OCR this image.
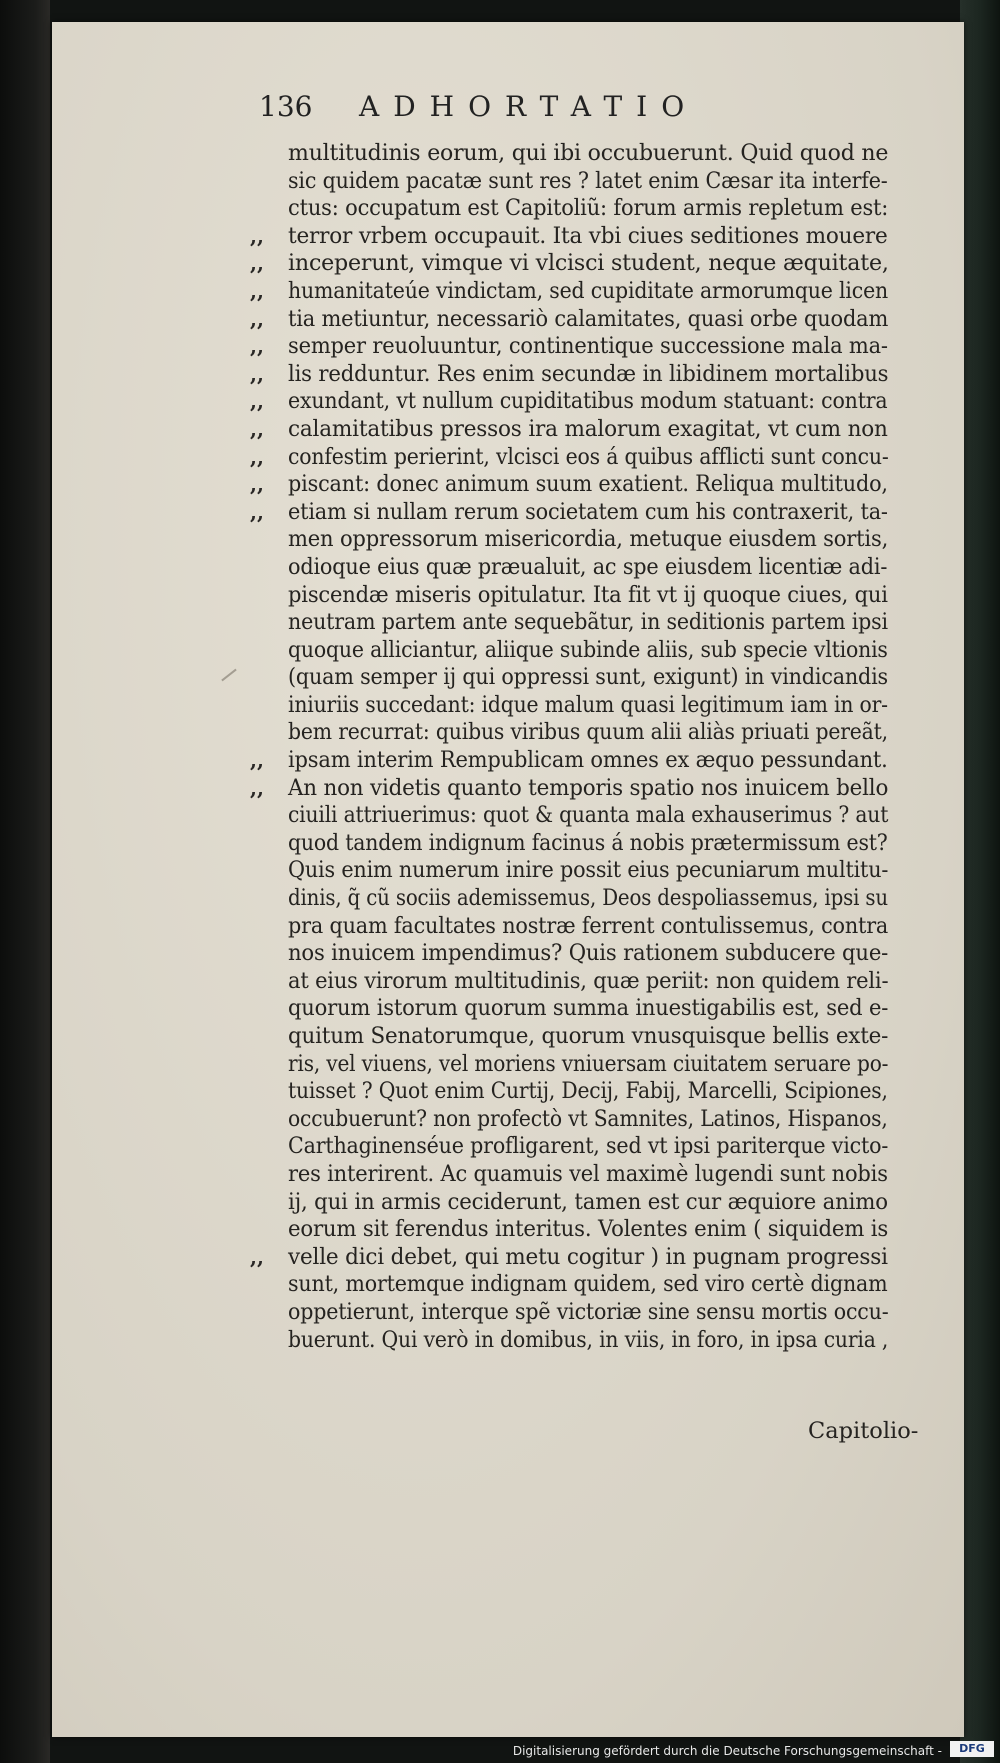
136 ADHORTATIO
multitudinis eorum, qui ibi occubuerunt. Quid quod ne
sic quidem pacatæ sunt res ? latet enim Cæsar ita interfe-
ctus: occupatum est Capitoliũ: forum armis repletum est:
,, terror vrbem occupauit. Ita vbi ciues seditiones mouere
,, inceperunt, vimque vi vlcisci student, neque æquitate,
,, humanitateúe vindictam, sed cupiditate armorumque licen
,, tia metiuntur, necessariò calamitates, quasi orbe quodam
,, semper reuoluuntur, continentique successione mala ma-
,, lis redduntur. Res enim secundæ in libidinem mortalibus
,, exundant, vt nullum cupiditatibus modum statuant: contra
,, calamitatibus pressos ira malorum exagitat, vt cum non
,, confestim perierint, vlcisci eos á quibus afflicti sunt concu-
,, piscant: donec animum suum exatient. Reliqua multitudo,
,, etiam si nullam rerum societatem cum his contraxerit, ta-
men oppressorum misericordia, metuque eiusdem sortis,
odioque eius quæ præualuit, ac spe eiusdem licentiæ adi-
piscendæ miseris opitulatur. Ita fit vt ij quoque ciues, qui
neutram partem ante sequebãtur, in seditionis partem ipsi
quoque alliciantur, aliique subinde aliis, sub specie vltionis
(quam semper ij qui oppressi sunt, exigunt) in vindicandis
iniuriis succedant: idque malum quasi legitimum iam in or-
bem recurrat: quibus viribus quum alii aliàs priuati pereãt,
,, ipsam interim Rempublicam omnes ex æquo pessundant.
,, An non videtis quanto temporis spatio nos inuicem bello
ciuili attriuerimus: quot & quanta mala exhauserimus ? aut
quod tandem indignum facinus á nobis prætermissum est?
Quis enim numerum inire possit eius pecuniarum multitu-
dinis, q̃ cũ sociis ademissemus, Deos despoliassemus, ipsi su
pra quam facultates nostræ ferrent contulissemus, contra
nos inuicem impendimus? Quis rationem subducere que-
at eius virorum multitudinis, quæ periit: non quidem reli-
quorum istorum quorum summa inuestigabilis est, sed e-
quitum Senatorumque, quorum vnusquisque bellis exte-
ris, vel viuens, vel moriens vniuersam ciuitatem seruare po-
tuisset ? Quot enim Curtij, Decij, Fabij, Marcelli, Scipiones,
occubuerunt? non profectò vt Samnites, Latinos, Hispanos,
Carthaginenséue profligarent, sed vt ipsi pariterque victo-
res interirent. Ac quamuis vel maximè lugendi sunt nobis
ij, qui in armis ceciderunt, tamen est cur æquiore animo
eorum sit ferendus interitus. Volentes enim ( siquidem is
,, velle dici debet, qui metu cogitur ) in pugnam progressi
sunt, mortemque indignam quidem, sed viro certè dignam
oppetierunt, interque spẽ victoriæ sine sensu mortis occu-
buerunt. Qui verò in domibus, in viis, in foro, in ipsa curia ,
Capitolio-
Digitalisierung gefördert durch die Deutsche Forschungsgemeinschaft -	DFG
